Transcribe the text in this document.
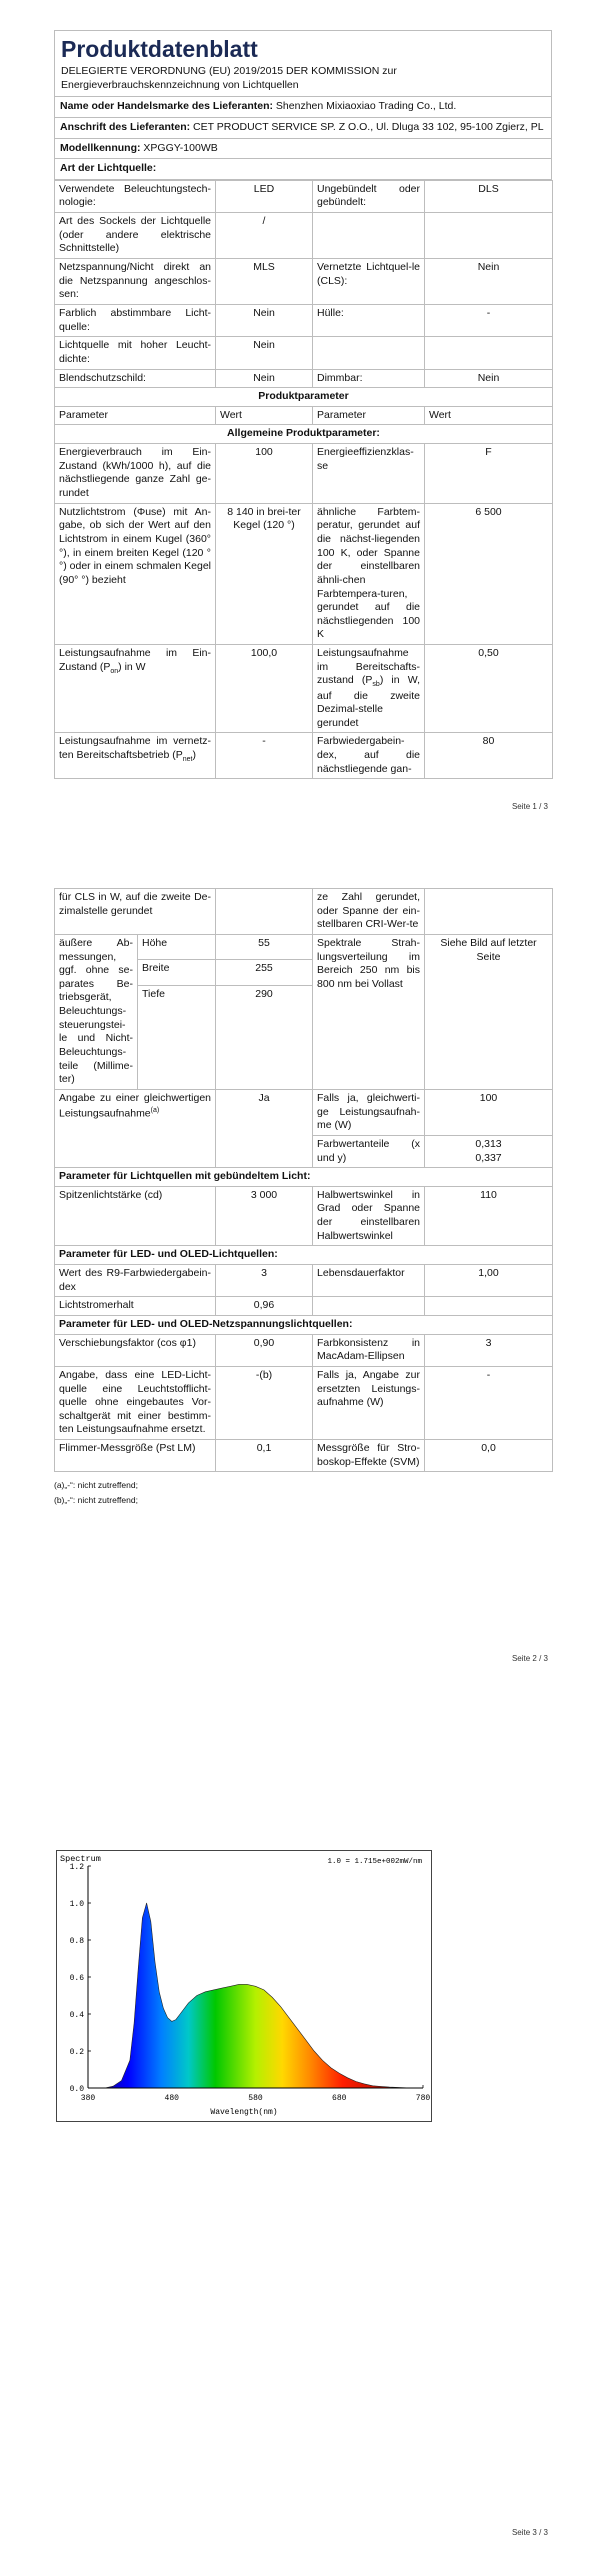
Produktdatenblatt
DELEGIERTE VERORDNUNG (EU) 2019/2015 DER KOMMISSION zur Energieverbrauchskennzeichnung von Lichtquellen
Name oder Handelsmarke des Lieferanten: Shenzhen Mixiaoxiao Trading Co., Ltd.
Anschrift des Lieferanten: CET PRODUCT SERVICE SP. Z O.O., Ul. Dluga 33 102, 95-100 Zgierz, PL
Modellkennung: XPGGY-100WB
Art der Lichtquelle:
Verwendete Beleuchtungstech-nologie:	LED	Ungebündelt oder gebündelt:	DLS
Art des Sockels der Lichtquelle (oder andere elektrische Schnittstelle)	/		
Netzspannung/Nicht direkt an die Netzspannung angeschlos-sen:	MLS	Vernetzte Lichtquel-le (CLS):	Nein
Farblich abstimmbare Licht-quelle:	Nein	Hülle:	-
Lichtquelle mit hoher Leucht-dichte:	Nein		
Blendschutzschild:	Nein	Dimmbar:	Nein
Produktparameter			
Parameter	Wert	Parameter	Wert
Allgemeine Produktparameter:			
Energieverbrauch im Ein-Zustand (kWh/1000 h), auf die nächstliegende ganze Zahl ge-rundet	100	Energieeffizienzklas-se	F
Nutzlichtstrom (Φuse) mit An-gabe, ob sich der Wert auf den Lichtstrom in einem Kugel (360° °), in einem breiten Kegel (120 °°) oder in einem schmalen Kegel (90° °) bezieht	8 140 in brei-ter Kegel (120 °)	ähnliche Farbtem-peratur, gerundet auf die nächst-liegenden 100 K, oder Spanne der einstellbaren ähnli-chen Farbtempera-turen, gerundet auf die nächstliegenden 100 K	6 500
Leistungsaufnahme im Ein-Zustand $(P_{on})$ in W	100,0	Leistungsaufnahme im Bereitschafts-zustand $(P_{sb})$ in W, auf die zweite Dezimal-stelle gerundet	0,50
Leistungsaufnahme im vernetz-ten Bereitschaftsbetrieb $(P_{net})$	-	Farbwiedergabein-dex, auf die nächstliegende gan-	80
Seite 1 / 3
für CLS in W, auf die zweite De-zimalstelle gerundet			ze Zahl gerundet, oder Spanne der ein-stellbaren CRI-Wer-te	
äußere Ab-messungen, ggf. ohne se-parates Be-triebsgerät, Beleuchtungs-steuerungstei-le und Nicht-Beleuchtungs-teile (Millime-ter)	Höhe	55	Spektrale Strah-lungsverteilung im Bereich 250 nm bis 800 nm bei Vollast	Siehe Bild auf letzter Seite
	Breite	255		
	Tiefe	290		
Angabe zu einer gleichwertigen Leistungsaufnahme$^{(a)}$		Ja	Falls ja, gleichwerti-ge Leistungsaufnah-me (W)	100
			Farbwertanteile (x und y)	0,313
0,337

Parameter für Lichtquellen mit gebündeltem Licht:				
Spitzenlichtstärke (cd)		3 000	Halbwertswinkel in Grad oder Spanne der einstellbaren Halbwertswinkel	110
Parameter für LED- und OLED-Lichtquellen:				
Wert des R9-Farbwiedergabein-dex		3	Lebensdauerfaktor	1,00
Lichtstromerhalt		0,96		
Parameter für LED- und OLED-Netzspannungslichtquellen:				
Verschiebungsfaktor (cos φ1)		0,90	Farbkonsistenz in MacAdam-Ellipsen	3
Angabe, dass eine LED-Licht-quelle eine Leuchtstofflicht-quelle ohne eingebautes Vor-schaltgerät mit einer bestimm-ten Leistungsaufnahme ersetzt.		-(b)	Falls ja, Angabe zur ersetzten Leistungs-aufnahme (W)	-
Flimmer-Messgröße (Pst LM)		0,1	Messgröße für Stro-boskop-Effekte (SVM)	0,0
(a)„-“: nicht zutreffend;
(b)„-“: nicht zutreffend;
Seite 2 / 3
0.0
0.2
0.4
0.6
0.8
1.0
1.2
380	480	580	680	780
Spectrum	1.0 = 1.715e+002mW/nm
Wavelength(nm)
Seite 3 / 3
